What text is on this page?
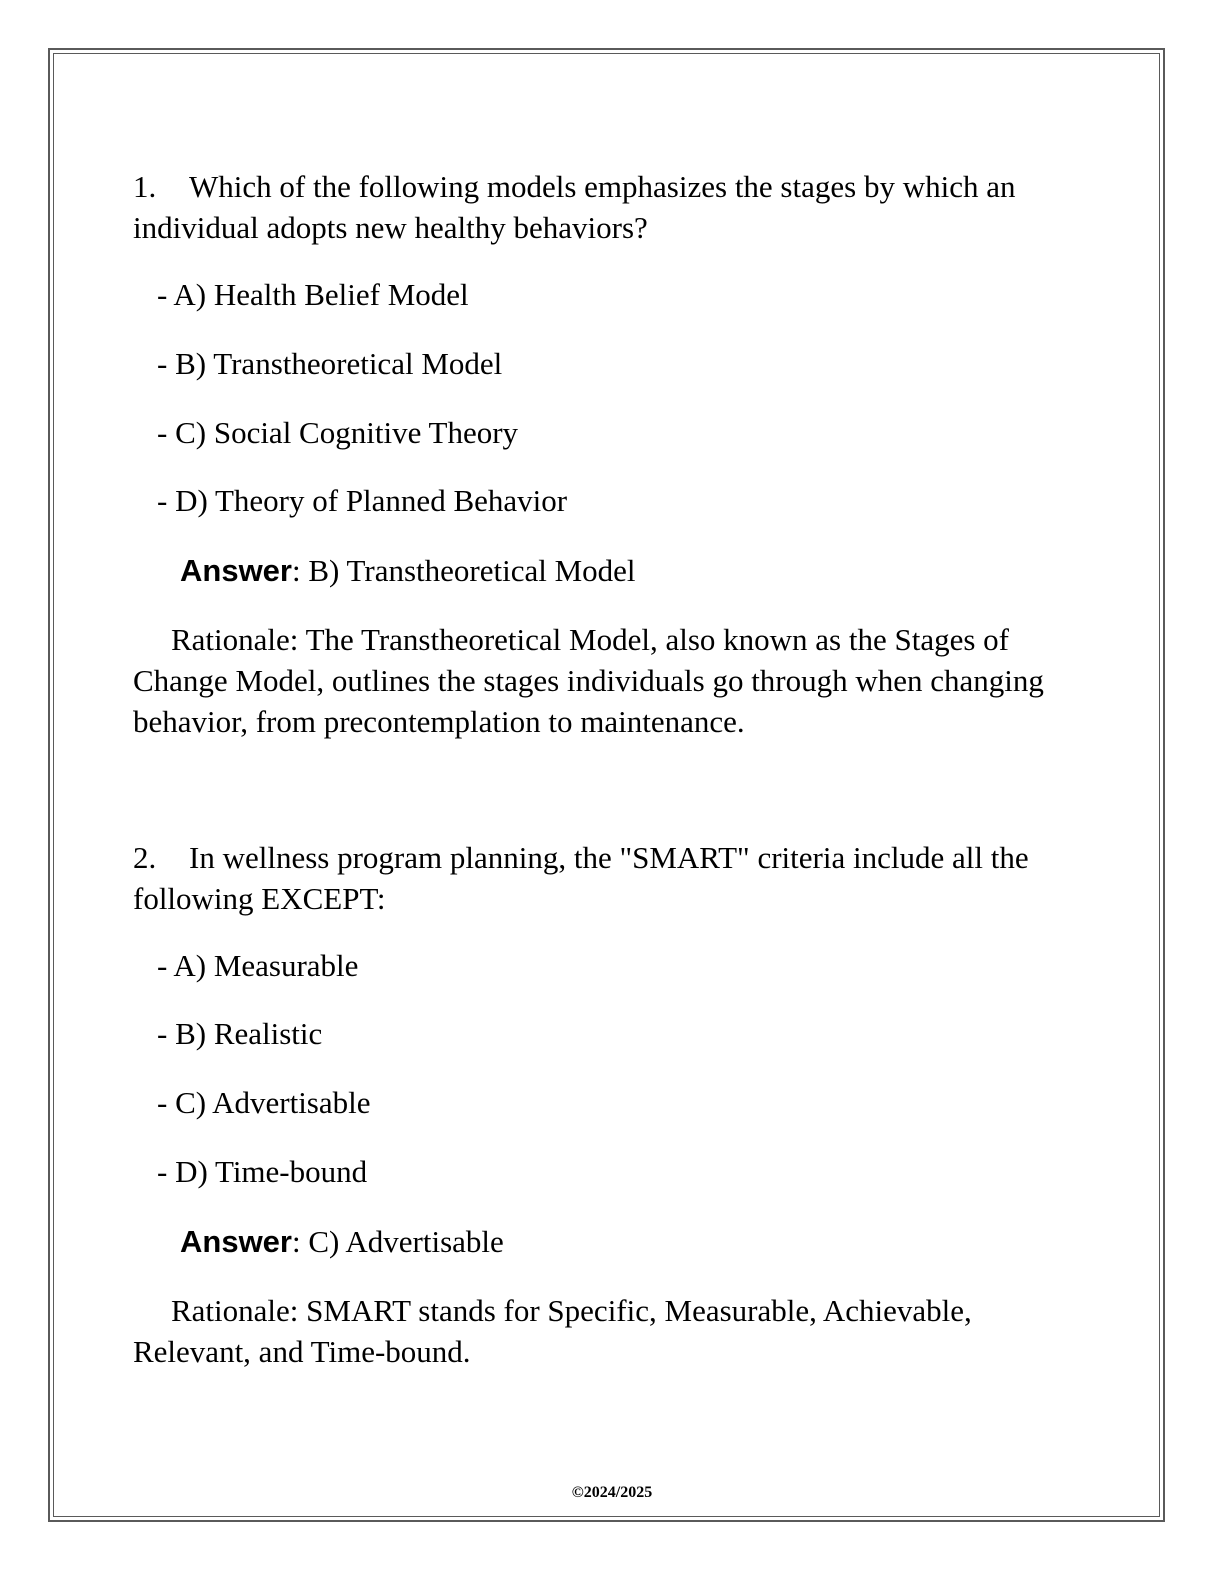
1. Which of the following models emphasizes the stages by which an individual adopts new healthy behaviors?

- A) Health Belief Model
- B) Transtheoretical Model
- C) Social Cognitive Theory
- D) Theory of Planned Behavior
Answer: B) Transtheoretical Model

Rationale: The Transtheoretical Model, also known as the Stages of Change Model, outlines the stages individuals go through when changing behavior, from precontemplation to maintenance.

2. In wellness program planning, the "SMART" criteria include all the following EXCEPT:

- A) Measurable
- B) Realistic
- C) Advertisable
- D) Time-bound
Answer: C) Advertisable

Rationale: SMART stands for Specific, Measurable, Achievable, Relevant, and Time-bound.

©2024/2025
